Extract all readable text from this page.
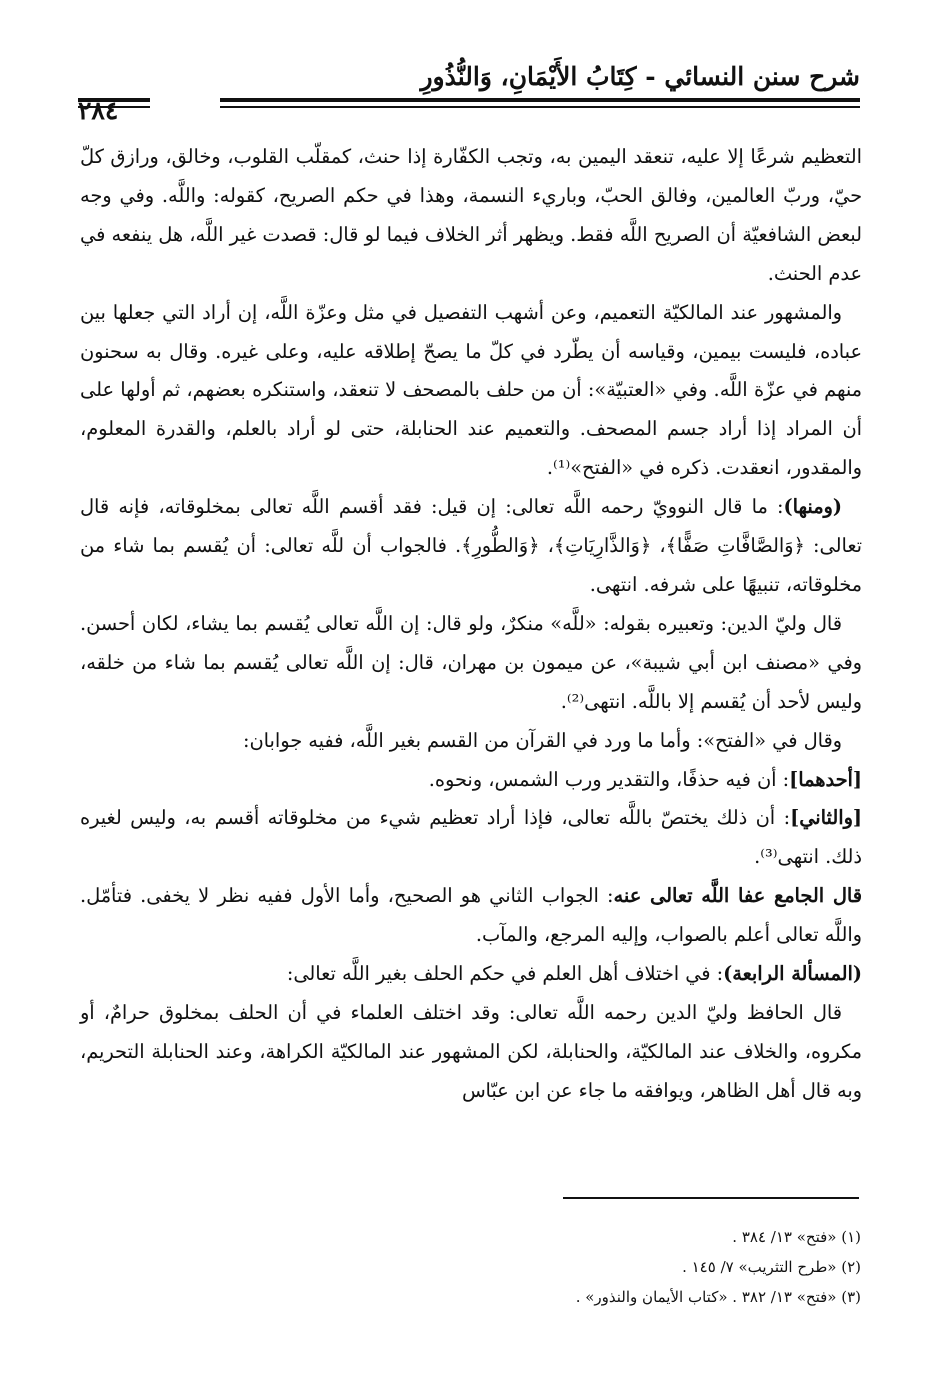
شرح سنن النسائي - كِتَابُ الأَيْمَانِ، وَالنُّذُورِ
٢٨٤

التعظيم شرعًا إلا عليه، تنعقد اليمين به، وتجب الكفّارة إذا حنث، كمقلّب القلوب، وخالق، ورازق كلّ حيّ، وربّ العالمين، وفالق الحبّ، وباريء النسمة، وهذا في حكم الصريح، كقوله: واللَّه. وفي وجه لبعض الشافعيّة أن الصريح اللَّه فقط. ويظهر أثر الخلاف فيما لو قال: قصدت غير اللَّه، هل ينفعه في عدم الحنث.

والمشهور عند المالكيّة التعميم، وعن أشهب التفصيل في مثل وعزّة اللَّه، إن أراد التي جعلها بين عباده، فليست بيمين، وقياسه أن يطّرد في كلّ ما يصحّ إطلاقه عليه، وعلى غيره. وقال به سحنون منهم في عزّة اللَّه. وفي «العتبيّة»: أن من حلف بالمصحف لا تنعقد، واستنكره بعضهم، ثم أولها على أن المراد إذا أراد جسم المصحف. والتعميم عند الحنابلة، حتى لو أراد بالعلم، والقدرة المعلوم، والمقدور، انعقدت. ذكره في «الفتح»⁽¹⁾.

(ومنها): ما قال النوويّ رحمه اللَّه تعالى: إن قيل: فقد أقسم اللَّه تعالى بمخلوقاته، فإنه قال تعالى: ﴿وَالصَّافَّاتِ صَفًّا﴾، ﴿وَالذَّارِيَاتِ﴾، ﴿وَالطُّورِ﴾. فالجواب أن للَّه تعالى: أن يُقسم بما شاء من مخلوقاته، تنبيهًا على شرفه. انتهى.

قال وليّ الدين: وتعبيره بقوله: «للَّه» منكرٌ، ولو قال: إن اللَّه تعالى يُقسم بما يشاء، لكان أحسن. وفي «مصنف ابن أبي شيبة»، عن ميمون بن مهران، قال: إن اللَّه تعالى يُقسم بما شاء من خلقه، وليس لأحد أن يُقسم إلا باللَّه. انتهى⁽²⁾.

وقال في «الفتح»: وأما ما ورد في القرآن من القسم بغير اللَّه، ففيه جوابان:

[أحدهما]: أن فيه حذفًا، والتقدير ورب الشمس، ونحوه.

[والثاني]: أن ذلك يختصّ باللَّه تعالى، فإذا أراد تعظيم شيء من مخلوقاته أقسم به، وليس لغيره ذلك. انتهى⁽³⁾.

قال الجامع عفا اللَّه تعالى عنه: الجواب الثاني هو الصحيح، وأما الأول ففيه نظر لا يخفى. فتأمّل. واللَّه تعالى أعلم بالصواب، وإليه المرجع، والمآب.

(المسألة الرابعة): في اختلاف أهل العلم في حكم الحلف بغير اللَّه تعالى:

قال الحافظ وليّ الدين رحمه اللَّه تعالى: وقد اختلف العلماء في أن الحلف بمخلوق حرامٌ، أو مكروه، والخلاف عند المالكيّة، والحنابلة، لكن المشهور عند المالكيّة الكراهة، وعند الحنابلة التحريم، وبه قال أهل الظاهر، ويوافقه ما جاء عن ابن عبّاس

(١) «فتح» ١٣/ ٣٨٤ .
(٢) «طرح التثريب» ٧/ ١٤٥ .
(٣) «فتح» ١٣/ ٣٨٢ . «كتاب الأيمان والنذور» .
